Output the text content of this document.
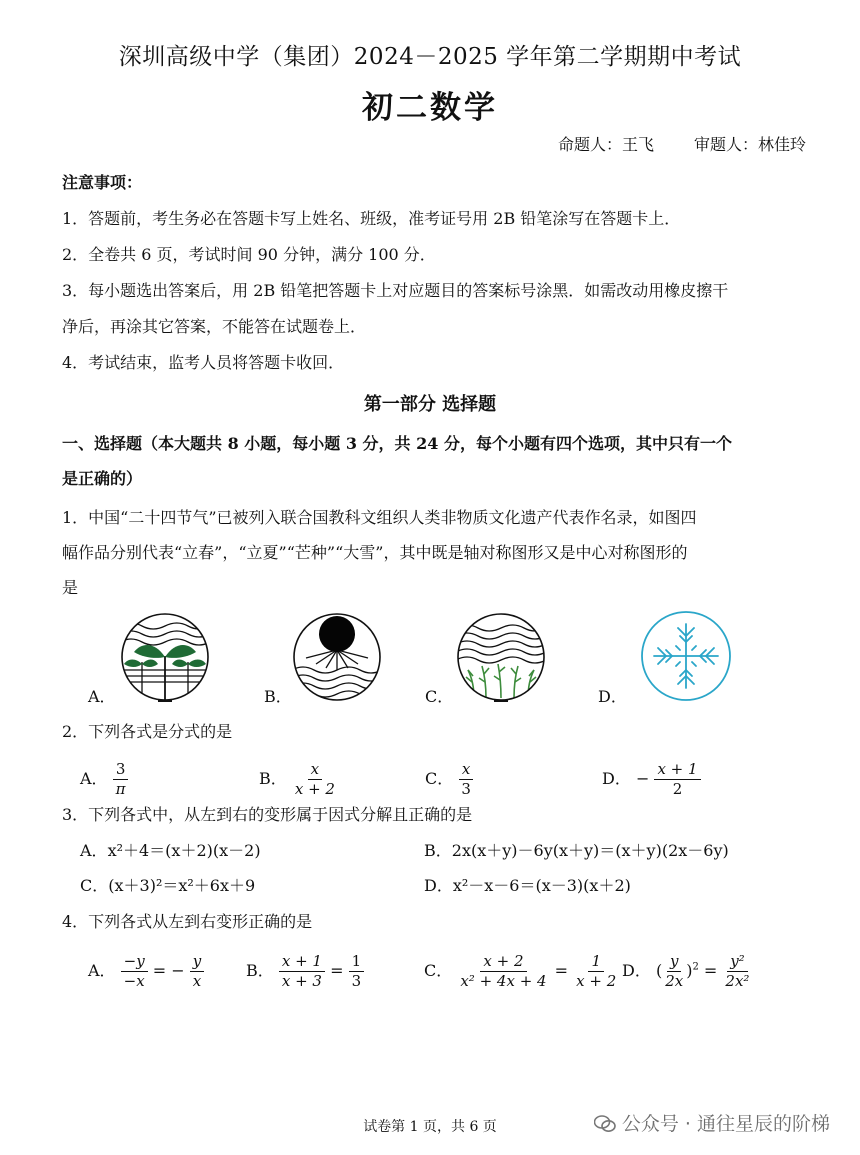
深圳高级中学（集团）2024－2025 学年第二学期期中考试
初二数学
命题人：王飞	审题人：林佳玲
注意事项：
1．答题前，考生务必在答题卡写上姓名、班级，准考证号用 2B 铅笔涂写在答题卡上．
2．全卷共 6 页，考试时间 90 分钟，满分 100 分．
3．每小题选出答案后，用 2B 铅笔把答题卡上对应题目的答案标号涂黑．如需改动用橡皮擦干
净后，再涂其它答案，不能答在试题卷上．
4．考试结束，监考人员将答题卡收回．
第一部分 选择题
一、选择题（本大题共 8 小题，每小题 3 分，共 24 分，每个小题有四个选项，其中只有一个
是正确的）
1．中国“二十四节气”已被列入联合国教科文组织人类非物质文化遗产代表作名录，如图四
幅作品分别代表“立春”，“立夏”“芒种”“大雪”，其中既是轴对称图形又是中心对称图形的
是
A．	B．	C．	D．
2．下列各式是分式的是
A． $\frac{3}{\pi}$	B． $\frac{x}{x + 2}$	C． $\frac{x}{3}$	D． − $\frac{x + 1}{2}$
3．下列各式中，从左到右的变形属于因式分解且正确的是
A．x²＋4＝(x＋2)(x－2)	B．2x(x＋y)－6y(x＋y)＝(x＋y)(2x－6y)
C．(x＋3)²＝x²＋6x＋9	D．x²－x－6＝(x－3)(x＋2)
4．下列各式从左到右变形正确的是
A． $\frac{-y}{-x}$ = − $\frac{y}{x}$	B． $\frac{x + 1}{x + 3} = \frac{1}{3}$	C． $\frac{x + 2}{\text{x² + 4x + 4}} = \frac{1}{x + 2}$ D． ( $\frac{y}{2x} )^2 = \frac{\text{y²}}{\text{2x²}}$
试卷第 1 页，共 6 页	公众号 · 通往星辰的阶梯
